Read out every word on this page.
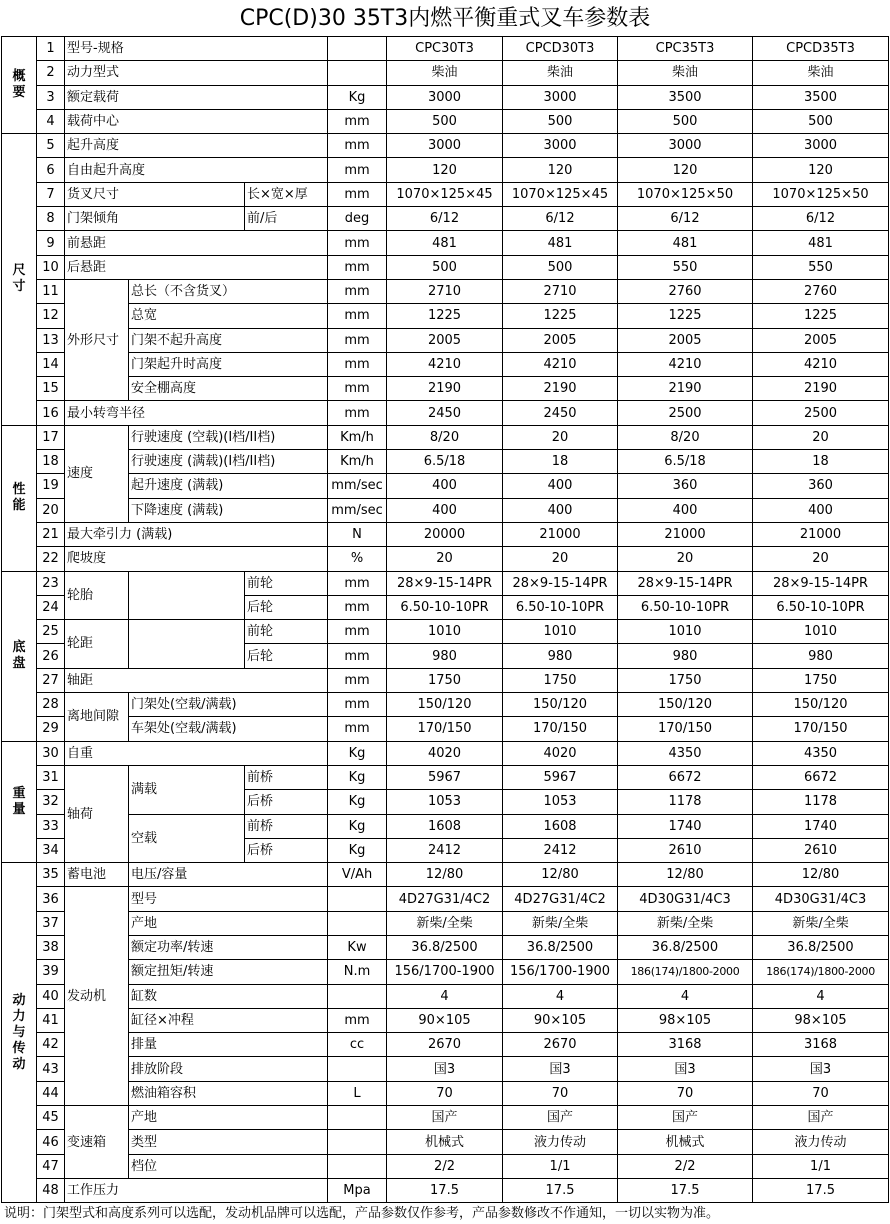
CPC(D)30 35T3内燃平衡重式叉车参数表
概
要	1	型号-规格				CPC30T3	CPCD30T3	CPC35T3	CPCD35T3
	2	动力型式				柴油	柴油	柴油	柴油
	3	额定载荷			Kg	3000	3000	3500	3500
	4	载荷中心			mm	500	500	500	500

尺
寸	5	起升高度			mm	3000	3000	3000	3000
	6	自由起升高度			mm	120	120	120	120
	7	货叉尺寸		长×宽×厚	mm	1070×125×45	1070×125×45	1070×125×50	1070×125×50
	8	门架倾角		前/后	deg	6/12	6/12	6/12	6/12
	9	前悬距			mm	481	481	481	481
	10	后悬距			mm	500	500	550	550
	11	外形尺寸	总长（不含货叉）		mm	2710	2710	2760	2760
	12		总宽		mm	1225	1225	1225	1225
	13		门架不起升高度		mm	2005	2005	2005	2005
	14		门架起升时高度		mm	4210	4210	4210	4210
	15		安全棚高度		mm	2190	2190	2190	2190
	16	最小转弯半径			mm	2450	2450	2500	2500

性
能	17	速度	行驶速度 (空载)(I档/II档)		Km/h	8/20	20	8/20	20
	18		行驶速度 (满载)(I档/II档)		Km/h	6.5/18	18	6.5/18	18
	19		起升速度 (满载)		mm/sec	400	400	360	360
	20		下降速度 (满载)		mm/sec	400	400	400	400
	21	最大牵引力 (满载)			N	20000	21000	21000	21000
	22	爬坡度			%	20	20	20	20

底
盘	23	轮胎		前轮	mm	28×9-15-14PR	28×9-15-14PR	28×9-15-14PR	28×9-15-14PR
	24			后轮	mm	6.50-10-10PR	6.50-10-10PR	6.50-10-10PR	6.50-10-10PR
	25	轮距		前轮	mm	1010	1010	1010	1010
	26			后轮	mm	980	980	980	980
	27	轴距			mm	1750	1750	1750	1750
	28	离地间隙	门架处(空载/满载)		mm	150/120	150/120	150/120	150/120
	29		车架处(空载/满载)		mm	170/150	170/150	170/150	170/150

重
量	30	自重			Kg	4020	4020	4350	4350
	31	轴荷	满载	前桥	Kg	5967	5967	6672	6672
	32			后桥	Kg	1053	1053	1178	1178
	33		空载	前桥	Kg	1608	1608	1740	1740
	34			后桥	Kg	2412	2412	2610	2610

动
力
与
传
动	35	蓄电池	电压/容量		V/Ah	12/80	12/80	12/80	12/80
	36	发动机	型号			4D27G31/4C2	4D27G31/4C2	4D30G31/4C3	4D30G31/4C3
	37		产地			新柴/全柴	新柴/全柴	新柴/全柴	新柴/全柴
	38		额定功率/转速		Kw	36.8/2500	36.8/2500	36.8/2500	36.8/2500
	39		额定扭矩/转速		N.m	156/1700-1900	156/1700-1900	186(174)/1800-2000	186(174)/1800-2000
	40		缸数			4	4	4	4
	41		缸径×冲程		mm	90×105	90×105	98×105	98×105
	42		排量		cc	2670	2670	3168	3168
	43		排放阶段			国3	国3	国3	国3
	44		燃油箱容积		L	70	70	70	70
	45	变速箱	产地			国产	国产	国产	国产
	46		类型			机械式	液力传动	机械式	液力传动
	47		档位			2/2	1/1	2/2	1/1
	48	工作压力			Mpa	17.5	17.5	17.5	17.5
说明：门架型式和高度系列可以选配，发动机品牌可以选配，产品参数仅作参考，产品参数修改不作通知，一切以实物为准。
